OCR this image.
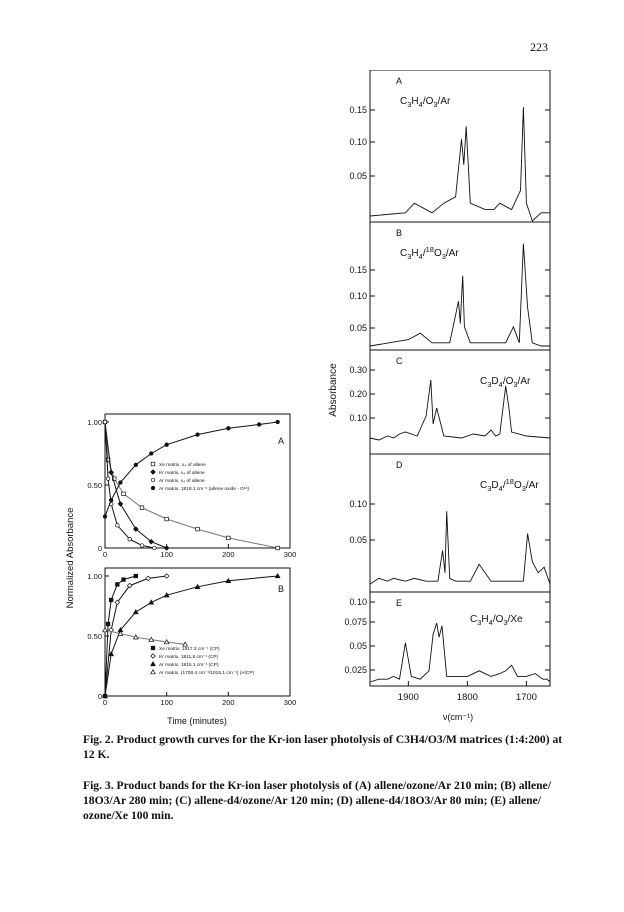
223
0.15
0.10
0.05
A
$C_3H_4/O_3/Ar$
0.15
0.10
0.05
B
$C_3H_4/^{18}O_3/Ar$
0.30
0.20
0.10
C
$C_3D_4/O_3/Ar$
0.10
0.05
D
$C_3D_4/^{18}O_3/Ar$
0.10
0.075
0.05
0.025
E
$C_3H_4/O_3/Xe$
1900	1800	1700
ν(cm⁻¹)
Absorbance
1.00
0.50
0
0	100	200	300
A
Xe matrix, ν₄ of allene
Kr matrix, ν₄ of allene
Ar matrix, ν₄ of allene
Ar matrix, 1818.1 cm⁻¹ (allene oxide - O¹⁸)
1.00
0.50
0
0	100	200	300
B
Xe matrix, 1817.3 cm⁻¹ (CP)
Kr matrix, 1811.8 cm⁻¹ (CP)
Ar matrix, 1815.1 cm⁻¹ (CP)
Ar matrix, (1708.4 cm⁻¹/1815.1 cm⁻¹) (A/CP)
Time (minutes)
Normalized Absorbance
Fig. 2. Product growth curves for the Kr-ion laser photolysis of C3H4/O3/M matrices (1:4:200) at 12 K.
Fig. 3. Product bands for the Kr-ion laser photolysis of (A) allene/ozone/Ar 210 min; (B) allene/ 18O3/Ar 280 min; (C) allene-d4/ozone/Ar 120 min; (D) allene-d4/18O3/Ar 80 min; (E) allene/ ozone/Xe 100 min.
